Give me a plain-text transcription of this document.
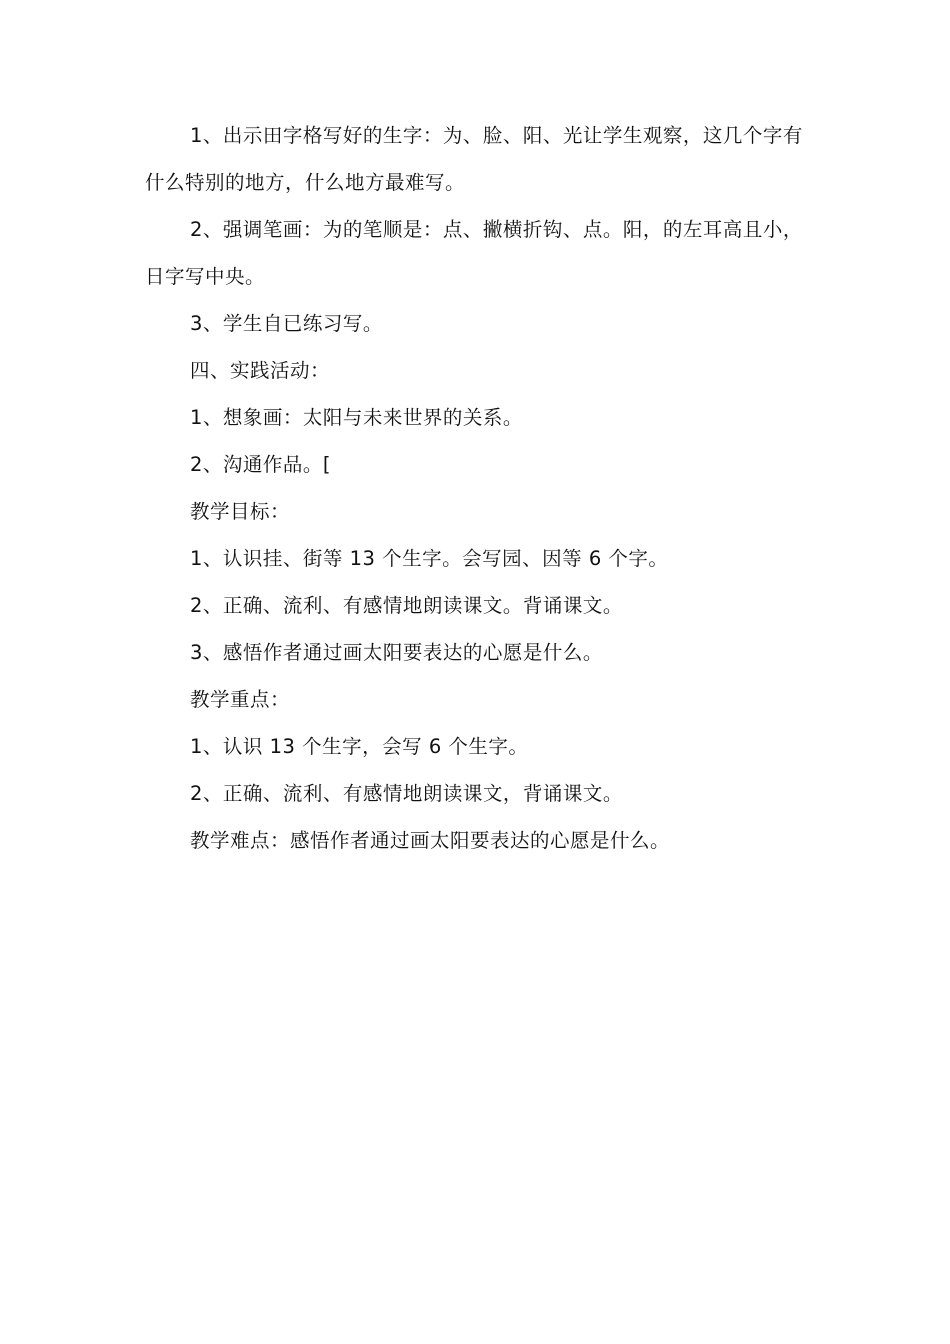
1、出示田字格写好的生字：为、脸、阳、光让学生观察，这几个字有什么特别的地方，什么地方最难写。

2、强调笔画：为的笔顺是：点、撇横折钩、点。阳，的左耳高且小，日字写中央。

3、学生自已练习写。

四、实践活动：

1、想象画：太阳与未来世界的关系。

2、沟通作品。[

教学目标：

1、认识挂、街等 13 个生字。会写园、因等 6 个字。

2、正确、流利、有感情地朗读课文。背诵课文。

3、感悟作者通过画太阳要表达的心愿是什么。

教学重点：

1、认识 13 个生字，会写 6 个生字。

2、正确、流利、有感情地朗读课文，背诵课文。

教学难点：感悟作者通过画太阳要表达的心愿是什么。
